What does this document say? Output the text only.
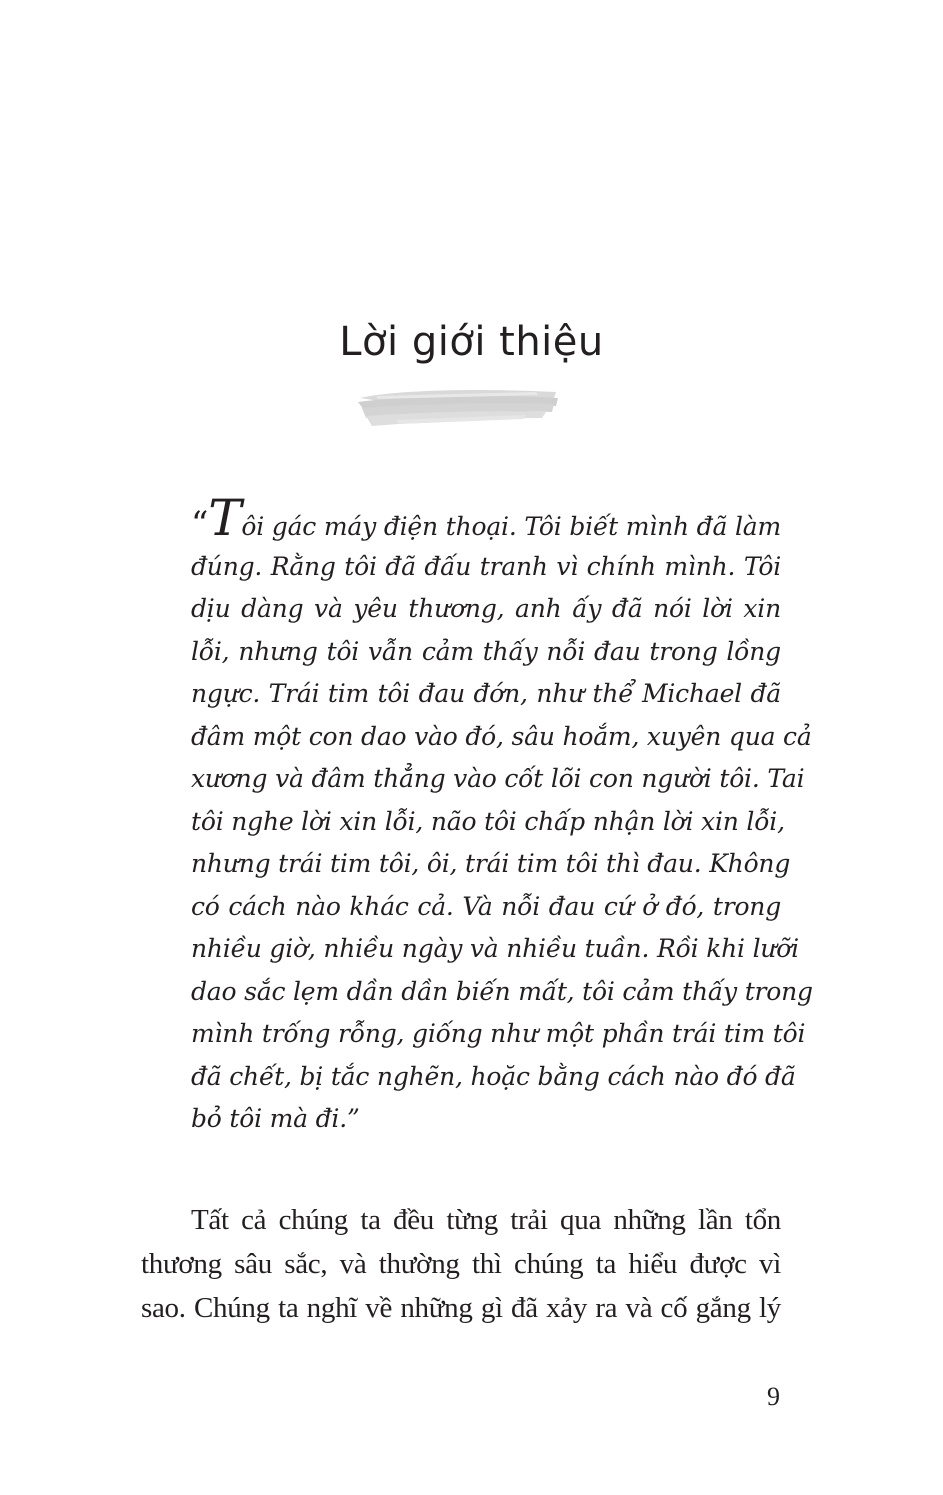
Lời giới thiệu
“Tôi gác máy điện thoại. Tôi biết mình đã làm
đúng. Rằng tôi đã đấu tranh vì chính mình. Tôi
dịu dàng và yêu thương, anh ấy đã nói lời xin
lỗi, nhưng tôi vẫn cảm thấy nỗi đau trong lồng
ngực. Trái tim tôi đau đớn, như thể Michael đã
đâm một con dao vào đó, sâu hoắm, xuyên qua cả
xương và đâm thẳng vào cốt lõi con người tôi. Tai
tôi nghe lời xin lỗi, não tôi chấp nhận lời xin lỗi,
nhưng trái tim tôi, ôi, trái tim tôi thì đau. Không
có cách nào khác cả. Và nỗi đau cứ ở đó, trong
nhiều giờ, nhiều ngày và nhiều tuần. Rồi khi lưỡi
dao sắc lẹm dần dần biến mất, tôi cảm thấy trong
mình trống rỗng, giống như một phần trái tim tôi
đã chết, bị tắc nghẽn, hoặc bằng cách nào đó đã
bỏ tôi mà đi.”
Tất cả chúng ta đều từng trải qua những lần tổn
thương sâu sắc, và thường thì chúng ta hiểu được vì
sao. Chúng ta nghĩ về những gì đã xảy ra và cố gắng lý
9
